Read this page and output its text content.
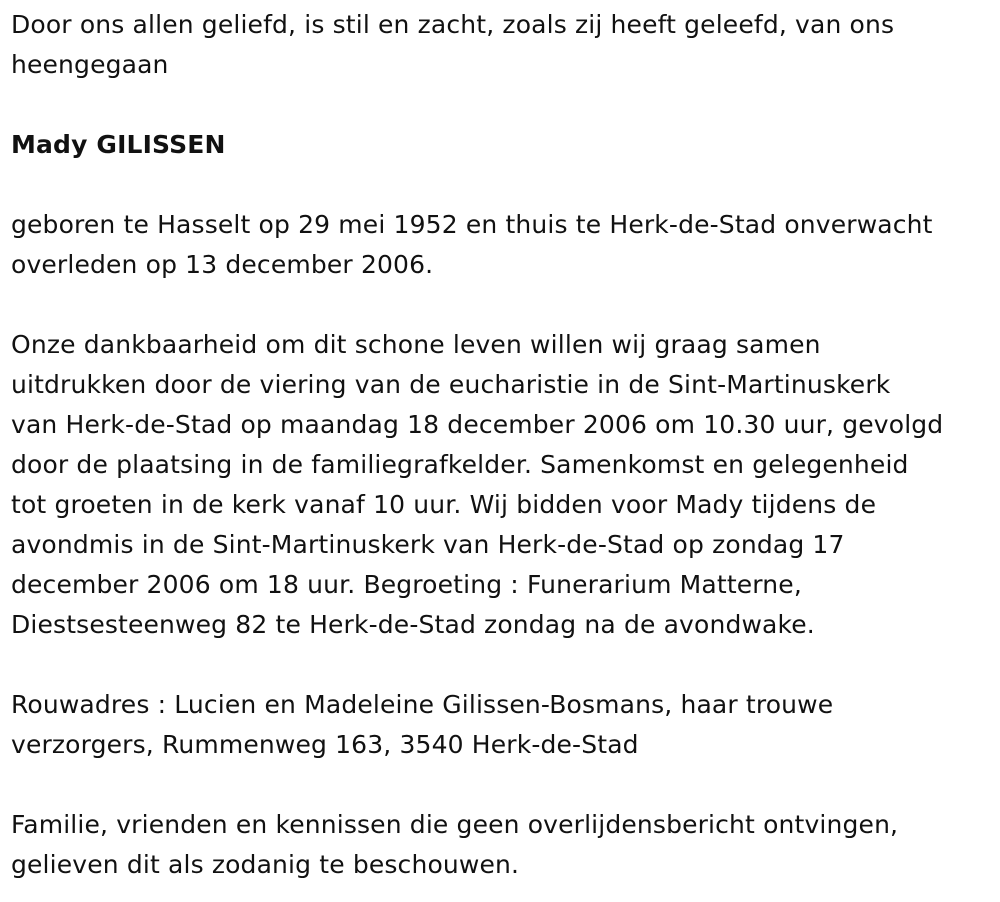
Door ons allen geliefd, is stil en zacht, zoals zij heeft geleefd, van ons
heengegaan

Mady GILISSEN

geboren te Hasselt op 29 mei 1952 en thuis te Herk-de-Stad onverwacht
overleden op 13 december 2006.

Onze dankbaarheid om dit schone leven willen wij graag samen
uitdrukken door de viering van de eucharistie in de Sint-Martinuskerk
van Herk-de-Stad op maandag 18 december 2006 om 10.30 uur, gevolgd
door de plaatsing in de familiegrafkelder. Samenkomst en gelegenheid
tot groeten in de kerk vanaf 10 uur. Wij bidden voor Mady tijdens de
avondmis in de Sint-Martinuskerk van Herk-de-Stad op zondag 17
december 2006 om 18 uur. Begroeting : Funerarium Matterne,
Diestsesteenweg 82 te Herk-de-Stad zondag na de avondwake.

Rouwadres : Lucien en Madeleine Gilissen-Bosmans, haar trouwe
verzorgers, Rummenweg 163, 3540 Herk-de-Stad

Familie, vrienden en kennissen die geen overlijdensbericht ontvingen,
gelieven dit als zodanig te beschouwen.
